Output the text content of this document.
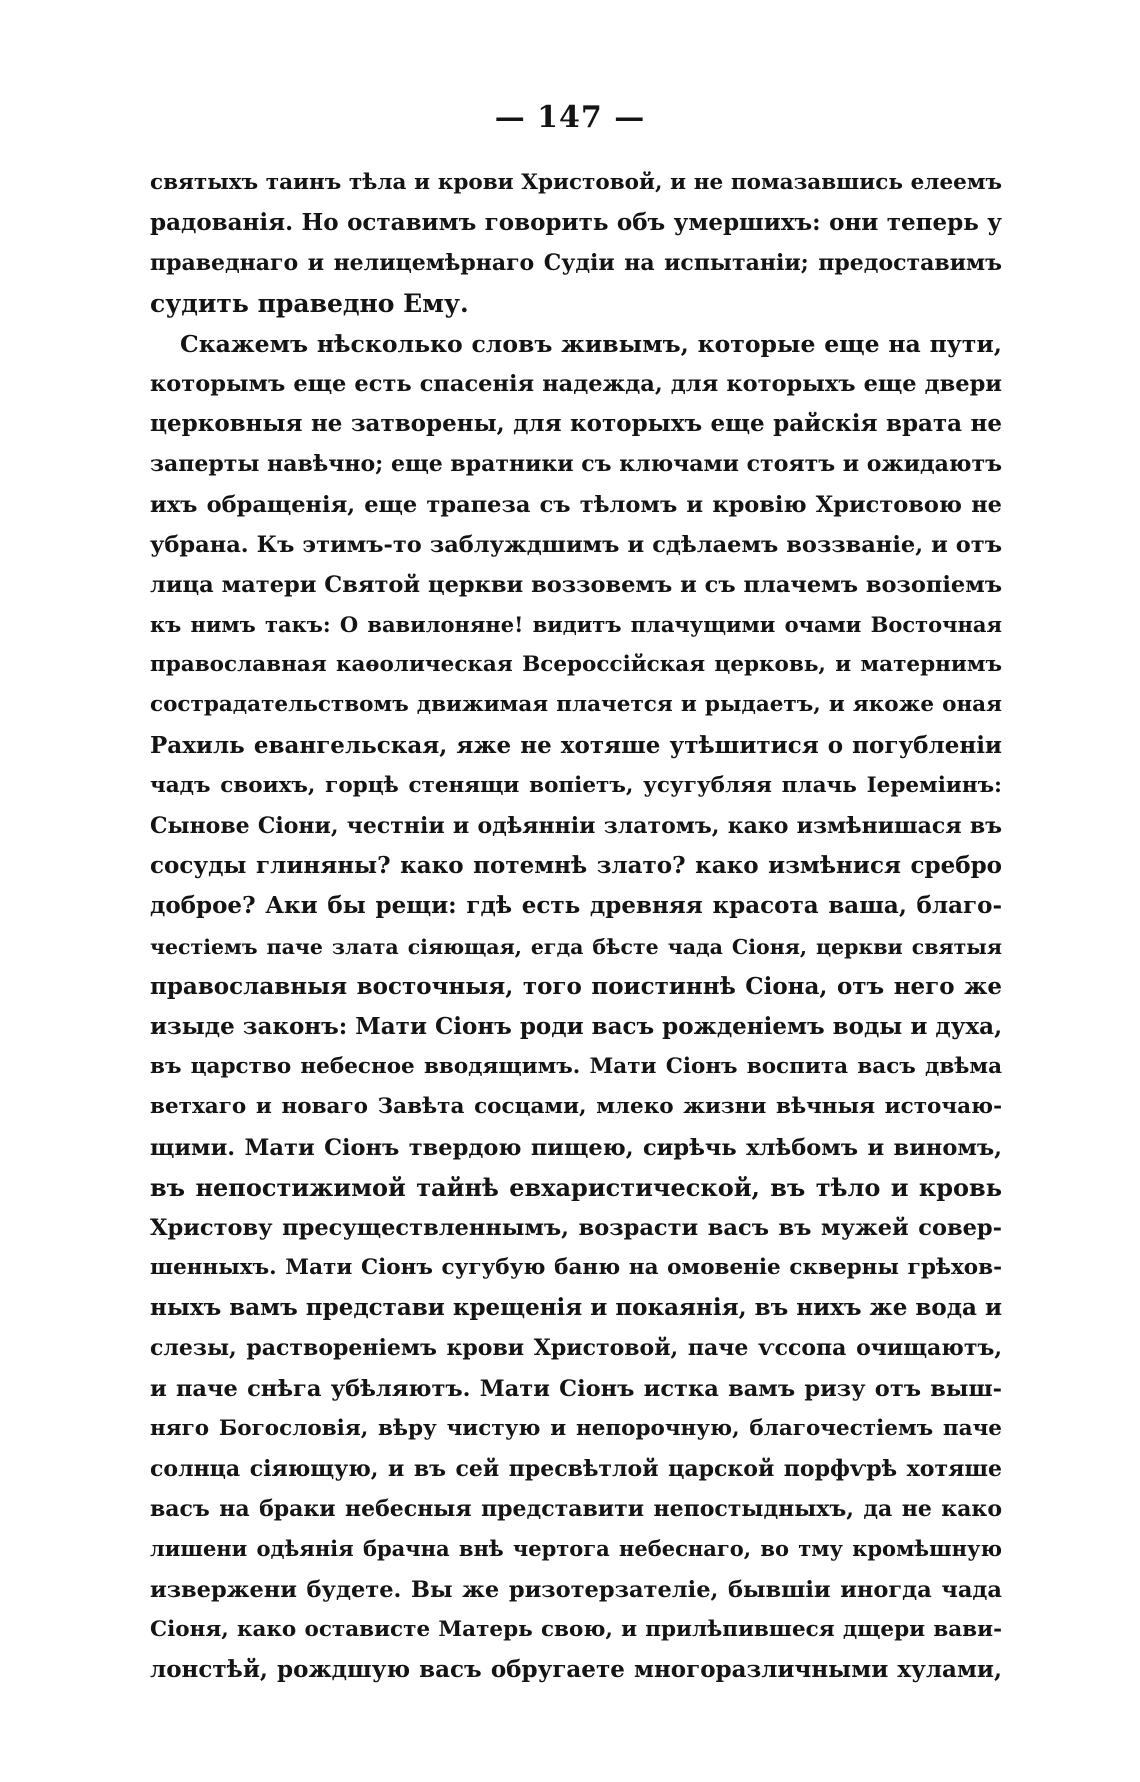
— 147 —
святыхъ таинъ тѣла и крови Христовой, и не помазавшись елеемъ
радованія. Но оставимъ говорить объ умершихъ: они теперь у
праведнаго и нелицемѣрнаго Судіи на испытаніи; предоставимъ
судить праведно Ему.
Скажемъ нѣсколько словъ живымъ, которые еще на пути,
которымъ еще есть спасенія надежда, для которыхъ еще двери
церковныя не затворены, для которыхъ еще райскія врата не
заперты навѣчно; еще вратники съ ключами стоятъ и ожидаютъ
ихъ обращенія, еще трапеза съ тѣломъ и кровію Христовою не
убрана. Къ этимъ-то заблуждшимъ и сдѣлаемъ воззваніе, и отъ
лица матери Святой церкви воззовемъ и съ плачемъ возопіемъ
къ нимъ такъ: О вавилоняне! видитъ плачущими очами Восточная
православная каѳолическая Всероссійская церковь, и матернимъ
сострадательствомъ движимая плачется и рыдаетъ, и якоже оная
Рахиль евангельская, яже не хотяше утѣшитися о погубленіи
чадъ своихъ, горцѣ стенящи вопіетъ, усугубляя плачь Іереміинъ:
Сынове Сіони, честніи и одѣяннiи златомъ, како измѣнишася въ
сосуды глиняны? како потемнѣ злато? како измѣнися сребро
доброе? Аки бы рещи: гдѣ есть древняя красота ваша, благо-
честіемъ паче злата сіяющая, егда бѣсте чада Сіоня, церкви святыя
православныя восточныя, того поистиннѣ Сіона, отъ него же
изыде законъ: Мати Сіонъ роди васъ рожденіемъ воды и духа,
въ царство небесное вводящимъ. Мати Сіонъ воспита васъ двѣма
ветхаго и новаго Завѣта сосцами, млеко жизни вѣчныя источаю-
щими. Мати Сіонъ твердою пищею, сирѣчь хлѣбомъ и виномъ,
въ непостижимой тайнѣ евхаристической, въ тѣло и кровь
Христову пресуществленнымъ, возрасти васъ въ мужей совер-
шенныхъ. Мати Сіонъ сугубую баню на омовеніе скверны грѣхов-
ныхъ вамъ представи крещенія и покаянія, въ нихъ же вода и
слезы, раствореніемъ крови Христовой, паче ѵссопа очищаютъ,
и паче снѣга убѣляютъ. Мати Сіонъ истка вамъ ризу отъ выш-
няго Богословія, вѣру чистую и непорочную, благочестіемъ паче
солнца сіяющую, и въ сей пресвѣтлой царской порфѵрѣ хотяше
васъ на браки небесныя представити непостыдныхъ, да не како
лишени одѣянія брачна внѣ чертога небеснаго, во тму кромѣшную
извержени будете. Вы же ризотерзателіе, бывшіи иногда чада
Сіоня, како остависте Матерь свою, и прилѣпившеся дщери вави-
лонстѣй, рождшую васъ обругаете многоразличными хулами,
